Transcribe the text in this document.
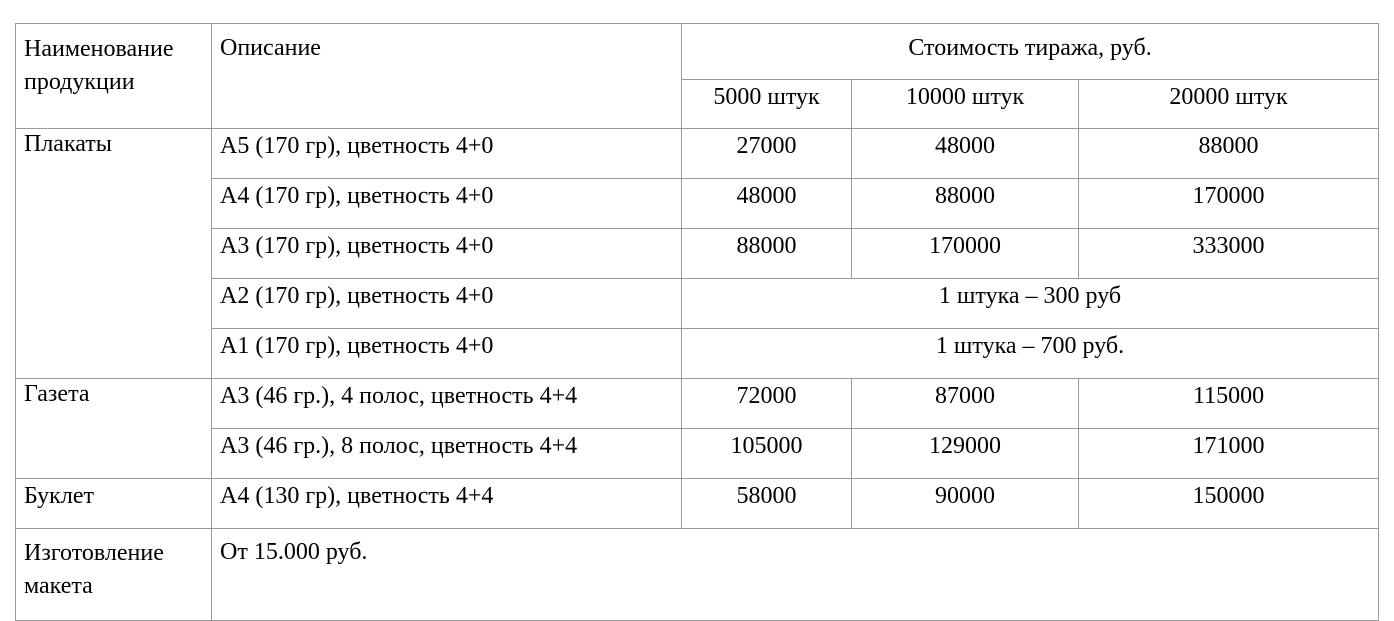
Наименование продукции	Описание	Стоимость тиража, руб.		
		5000 штук	10000 штук	20000 штук
Плакаты	А5 (170 гр), цветность 4+0	27000	48000	88000
	А4 (170 гр), цветность 4+0	48000	88000	170000
	А3 (170 гр), цветность 4+0	88000	170000	333000
	А2 (170 гр), цветность 4+0	1 штука – 300 руб		
	А1 (170 гр), цветность 4+0	1 штука – 700 руб.		
Газета	А3 (46 гр.), 4 полос, цветность 4+4	72000	87000	115000
	А3 (46 гр.), 8 полос, цветность 4+4	105000	129000	171000
Буклет	А4 (130 гр), цветность 4+4	58000	90000	150000
Изготовление макета	От 15.000 руб.			
